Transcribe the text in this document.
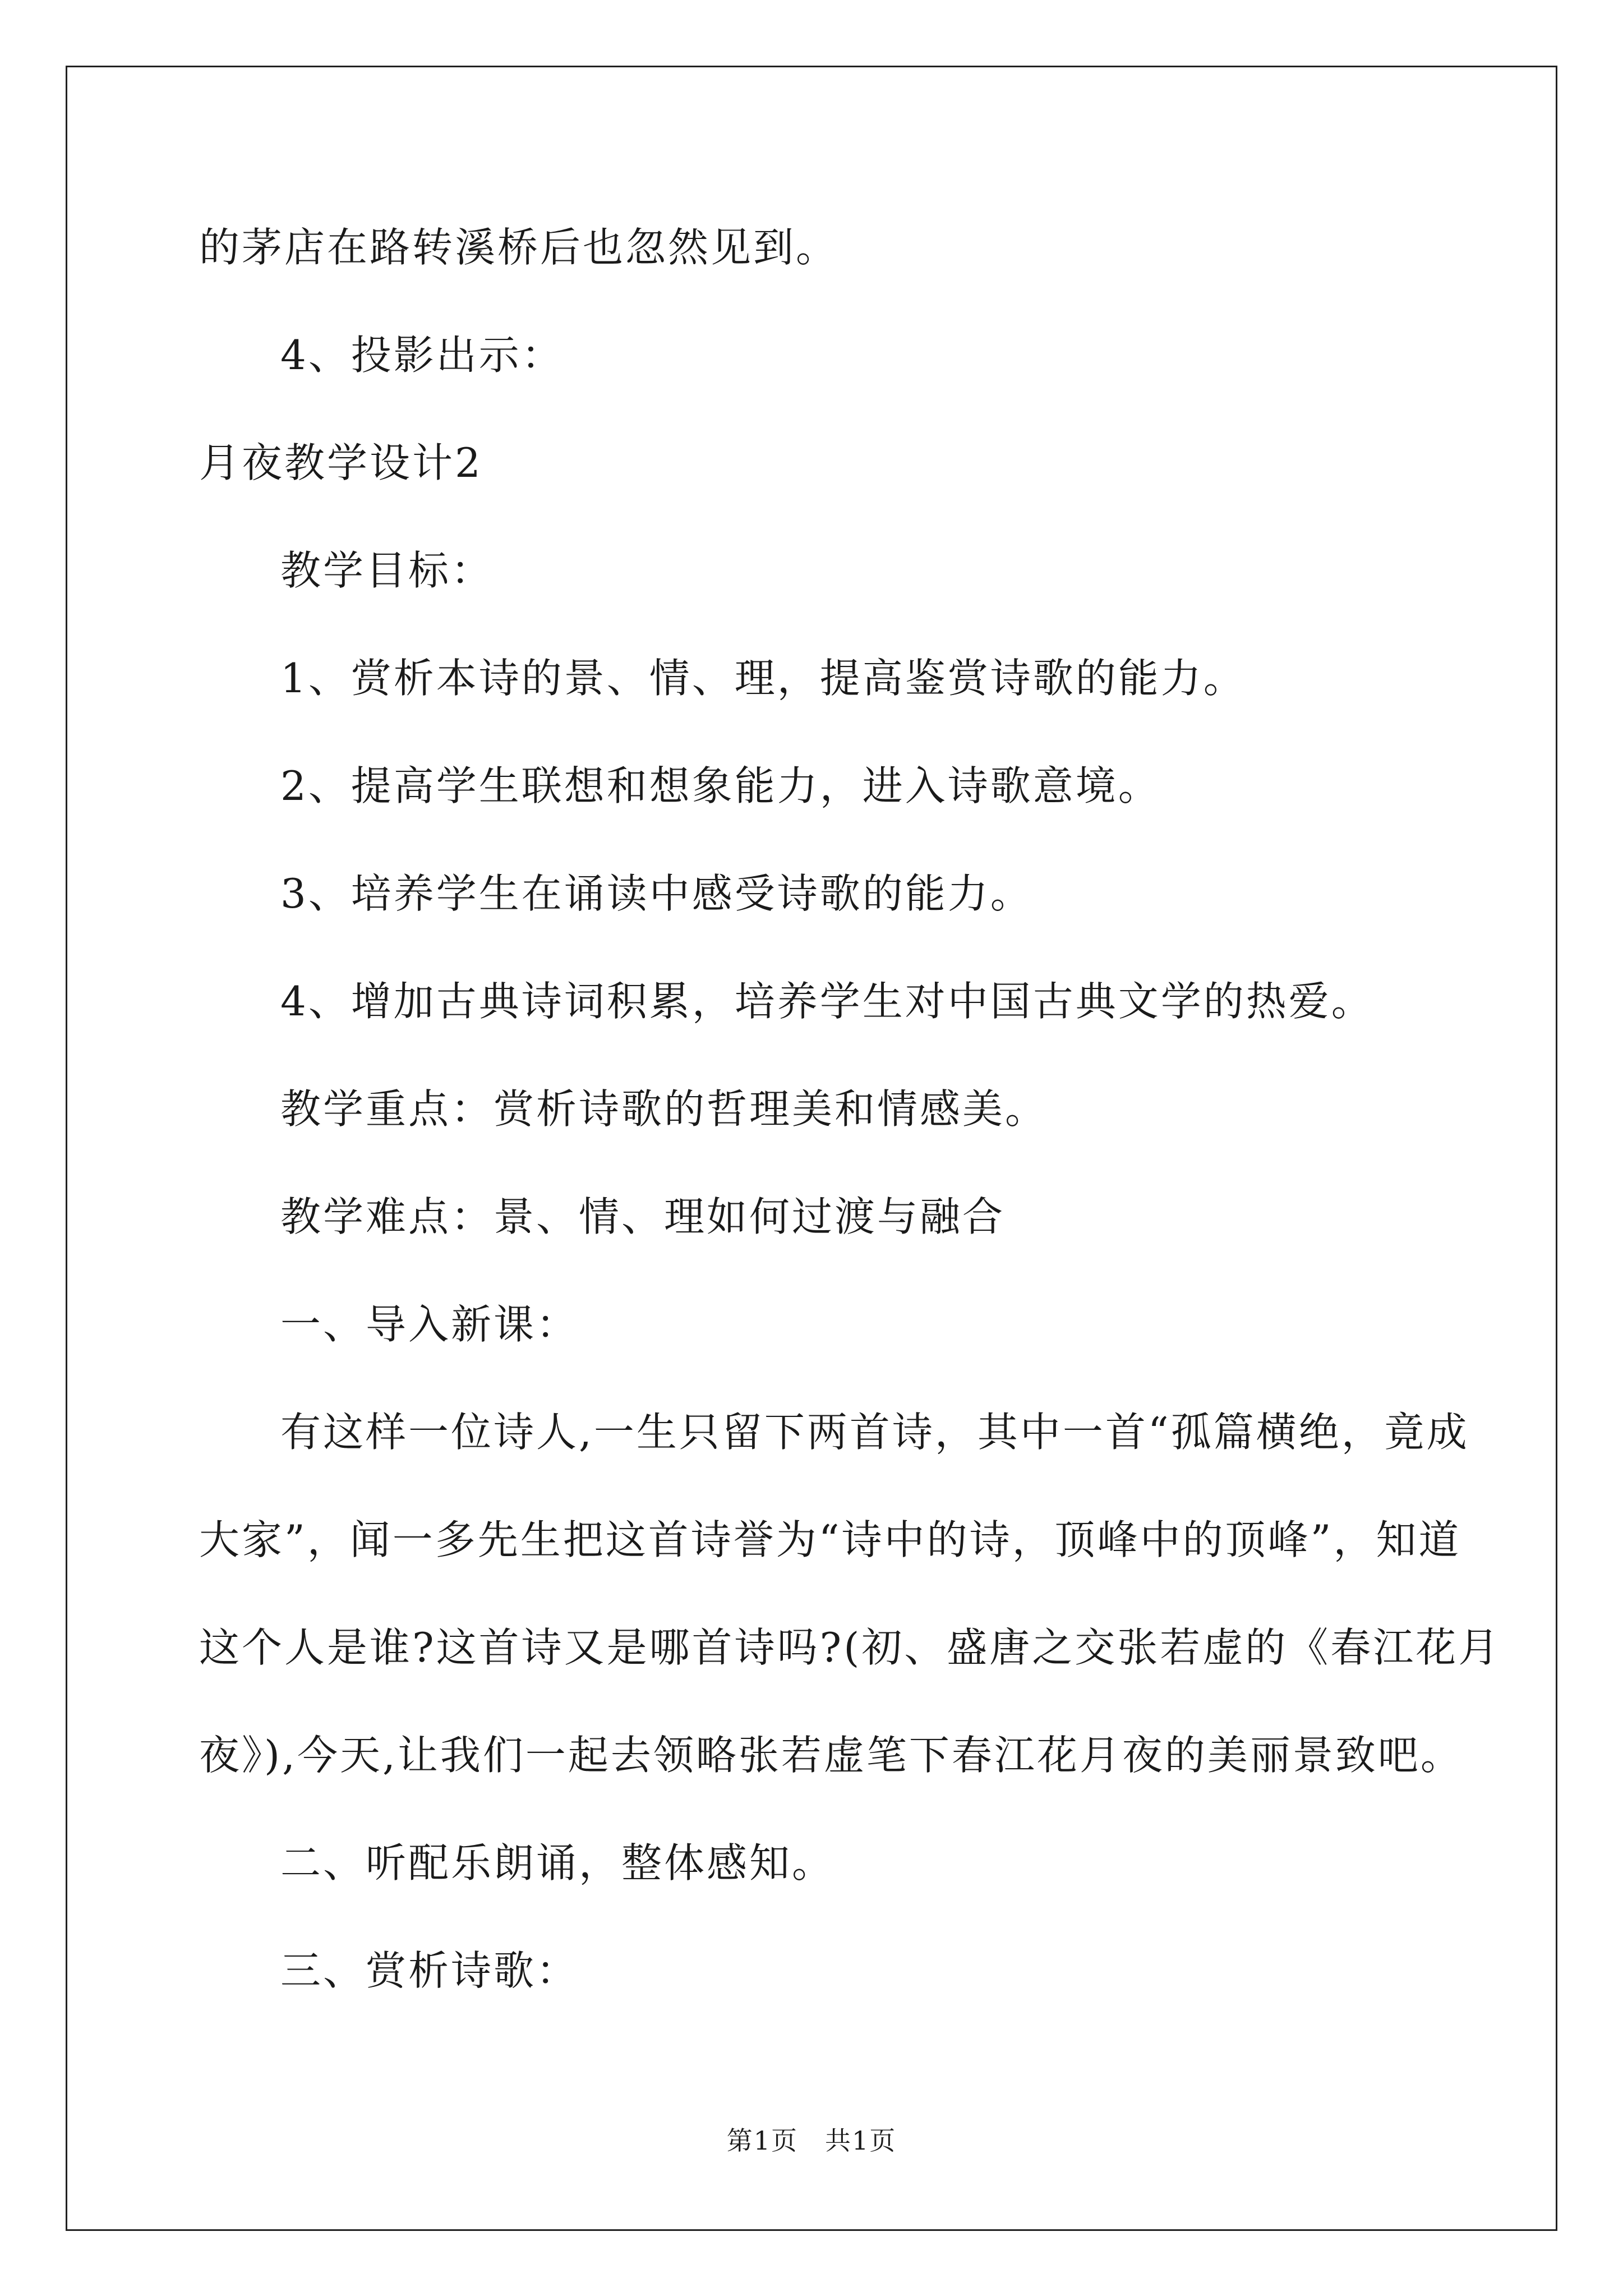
的茅店在路转溪桥后也忽然见到。

4、投影出示：

月夜教学设计2

教学目标：

1、赏析本诗的景、情、理，提高鉴赏诗歌的能力。

2、提高学生联想和想象能力，进入诗歌意境。

3、培养学生在诵读中感受诗歌的能力。

4、增加古典诗词积累，培养学生对中国古典文学的热爱。

教学重点：赏析诗歌的哲理美和情感美。

教学难点：景、情、理如何过渡与融合

一、导入新课：

有这样一位诗人,一生只留下两首诗，其中一首“孤篇横绝，竟成
大家”，闻一多先生把这首诗誉为“诗中的诗，顶峰中的顶峰”，知道
这个人是谁?这首诗又是哪首诗吗?(初、盛唐之交张若虚的《春江花月
夜》),今天,让我们一起去领略张若虚笔下春江花月夜的美丽景致吧。

二、听配乐朗诵，整体感知。

三、赏析诗歌：

第1页　共1页
